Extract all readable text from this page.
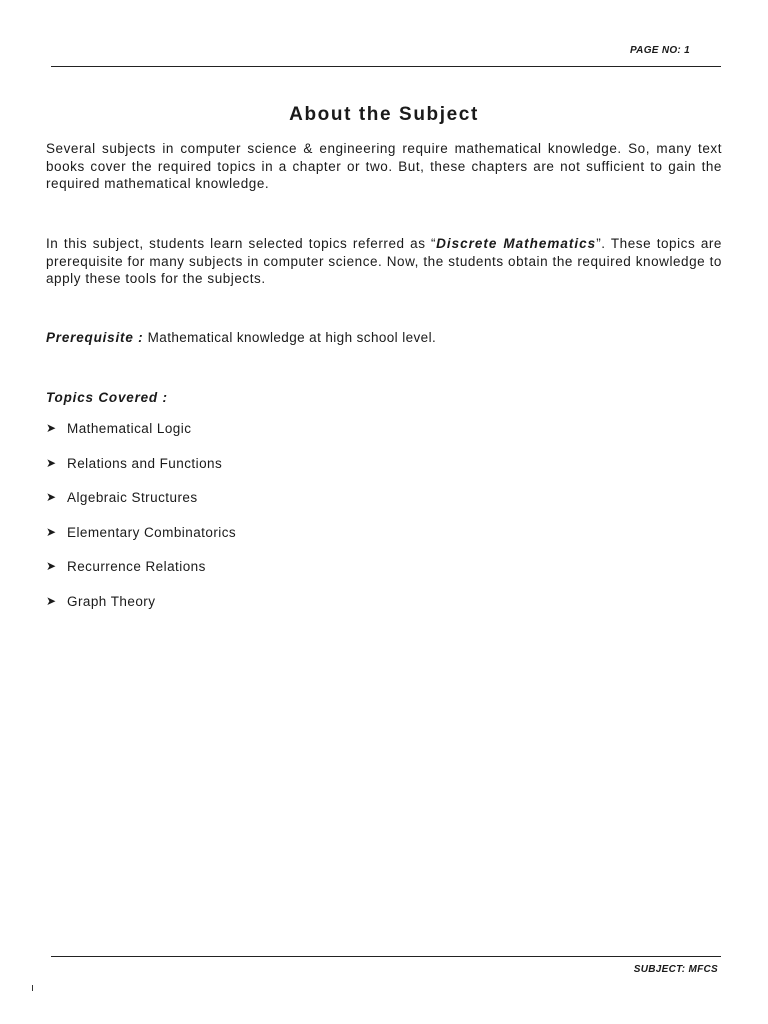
PAGE NO: 1
About the Subject

Several subjects in computer science & engineering require mathematical knowledge. So, many text books cover the required topics in a chapter or two. But, these chapters are not sufficient to gain the required mathematical knowledge.

In this subject, students learn selected topics referred as “Discrete Mathematics”. These topics are prerequisite for many subjects in computer science. Now, the students obtain the required knowledge to apply these tools for the subjects.

Prerequisite : Mathematical knowledge at high school level.
Topics Covered :
➤ Mathematical Logic
➤ Relations and Functions
➤ Algebraic Structures
➤ Elementary Combinatorics
➤ Recurrence Relations
➤ Graph Theory
SUBJECT: MFCS
